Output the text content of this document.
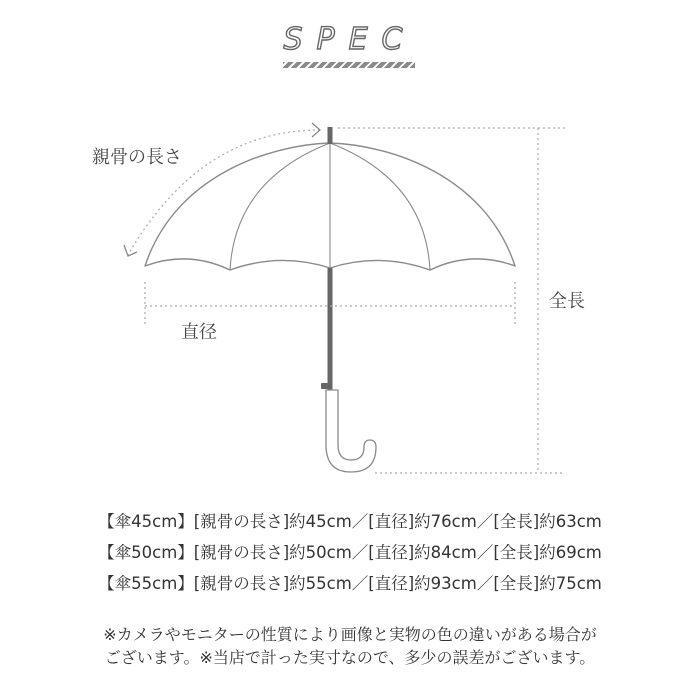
SPEC
親骨の長さ
直径
全長
【傘45cm】[親骨の長さ]約45cm／[直径]約76cm／[全長]約63cm
【傘50cm】[親骨の長さ]約50cm／[直径]約84cm／[全長]約69cm
【傘55cm】[親骨の長さ]約55cm／[直径]約93cm／[全長]約75cm
※カメラやモニターの性質により画像と実物の色の違いがある場合が
ございます。※当店で計った実寸なので、多少の誤差がございます。
